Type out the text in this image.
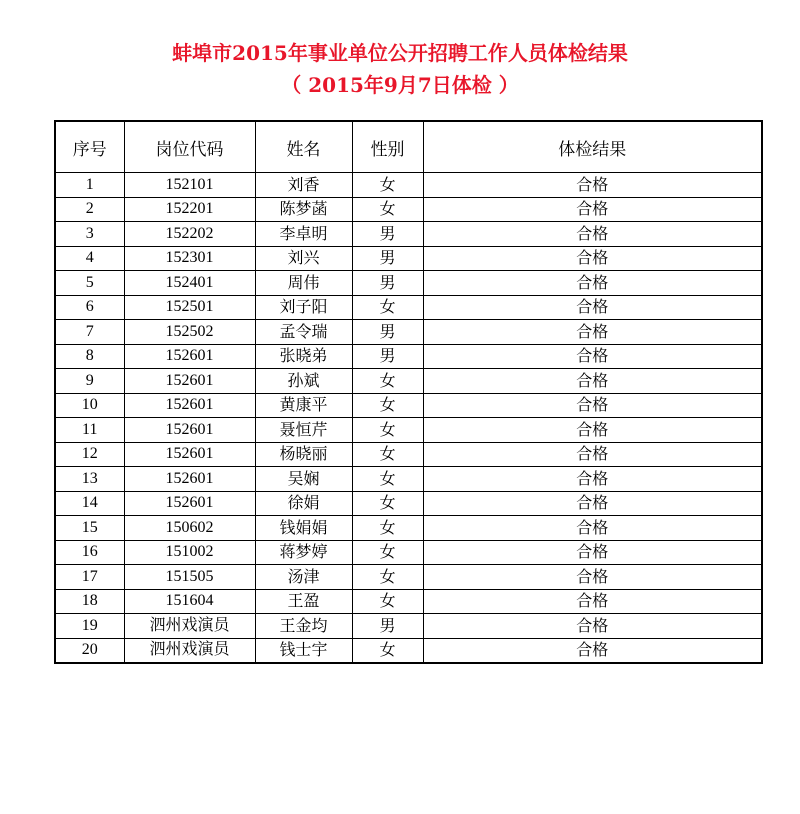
蚌埠市2015年事业单位公开招聘工作人员体检结果
（ 2015年9月7日体检 ）
序号	岗位代码	姓名	性别	体检结果
1	152101	刘香	女	合格
2	152201	陈梦菡	女	合格
3	152202	李卓明	男	合格
4	152301	刘兴	男	合格
5	152401	周伟	男	合格
6	152501	刘子阳	女	合格
7	152502	孟令瑞	男	合格
8	152601	张晓弟	男	合格
9	152601	孙斌	女	合格
10	152601	黄康平	女	合格
11	152601	聂恒芹	女	合格
12	152601	杨晓丽	女	合格
13	152601	吴娴	女	合格
14	152601	徐娟	女	合格
15	150602	钱娟娟	女	合格
16	151002	蒋梦婷	女	合格
17	151505	汤津	女	合格
18	151604	王盈	女	合格
19	泗州戏演员	王金均	男	合格
20	泗州戏演员	钱士宇	女	合格
